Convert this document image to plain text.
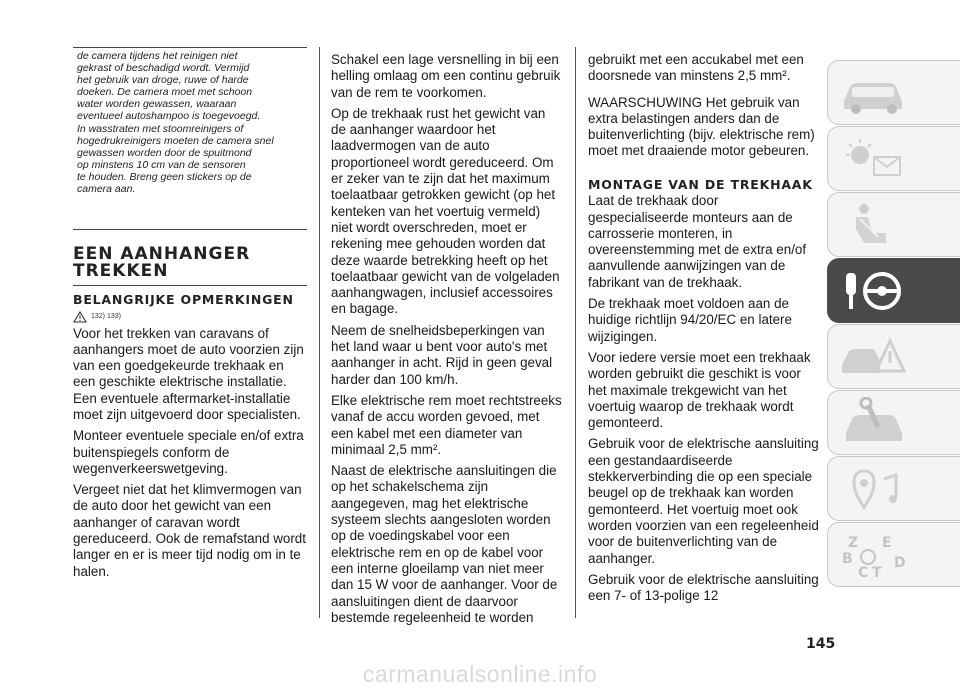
de camera tijdens het reinigen niet
gekrast of beschadigd wordt. Vermijd
het gebruik van droge, ruwe of harde
doeken. De camera moet met schoon
water worden gewassen, waaraan
eventueel autoshampoo is toegevoegd.
In wasstraten met stoomreinigers of
hogedrukreinigers moeten de camera snel
gewassen worden door de spuitmond
op minstens 10 cm van de sensoren
te houden. Breng geen stickers op de
camera aan.

EEN AANHANGER TREKKEN
BELANGRIJKE OPMERKINGEN
132) 133)

Voor het trekken van caravans of aanhangers moet de auto voorzien zijn van een goedgekeurde trekhaak en een geschikte elektrische installatie. Een eventuele aftermarket-installatie moet zijn uitgevoerd door specialisten.

Monteer eventuele speciale en/of extra buitenspiegels conform de wegenverkeerswetgeving.

Vergeet niet dat het klimvermogen van de auto door het gewicht van een aanhanger of caravan wordt gereduceerd. Ook de remafstand wordt langer en er is meer tijd nodig om in te halen.

Schakel een lage versnelling in bij een helling omlaag om een continu gebruik van de rem te voorkomen.

Op de trekhaak rust het gewicht van de aanhanger waardoor het laadvermogen van de auto proportioneel wordt gereduceerd. Om er zeker van te zijn dat het maximum toelaatbaar getrokken gewicht (op het kenteken van het voertuig vermeld) niet wordt overschreden, moet er rekening mee gehouden worden dat deze waarde betrekking heeft op het toelaatbaar gewicht van de volgeladen aanhangwagen, inclusief accessoires en bagage.

Neem de snelheidsbeperkingen van het land waar u bent voor auto's met aanhanger in acht. Rijd in geen geval harder dan 100 km/h.

Elke elektrische rem moet rechtstreeks vanaf de accu worden gevoed, met een kabel met een diameter van minimaal 2,5 mm².

Naast de elektrische aansluitingen die op het schakelschema zijn aangegeven, mag het elektrische systeem slechts aangesloten worden op de voedingskabel voor een elektrische rem en op de kabel voor een interne gloeilamp van niet meer dan 15 W voor de aanhanger. Voor de aansluitingen dient de daarvoor bestemde regeleenheid te worden

gebruikt met een accukabel met een doorsnede van minstens 2,5 mm².

WAARSCHUWING Het gebruik van extra belastingen anders dan de buitenverlichting (bijv. elektrische rem) moet met draaiende motor gebeuren.

MONTAGE VAN DE TREKHAAK

Laat de trekhaak door gespecialiseerde monteurs aan de carrosserie monteren, in overeenstemming met de extra en/of aanvullende aanwijzingen van de fabrikant van de trekhaak.

De trekhaak moet voldoen aan de huidige richtlijn 94/20/EC en latere wijzigingen.

Voor iedere versie moet een trekhaak worden gebruikt die geschikt is voor het maximale trekgewicht van het voertuig waarop de trekhaak wordt gemonteerd.

Gebruik voor de elektrische aansluiting een gestandaardiseerde stekkerverbinding die op een speciale beugel op de trekhaak kan worden gemonteerd. Het voertuig moet ook worden voorzien van een regeleenheid voor de buitenverlichting van de aanhanger.

Gebruik voor de elektrische aansluiting een 7- of 13-polige 12

Z E
B
C T
D
145
carmanualsonline.info
